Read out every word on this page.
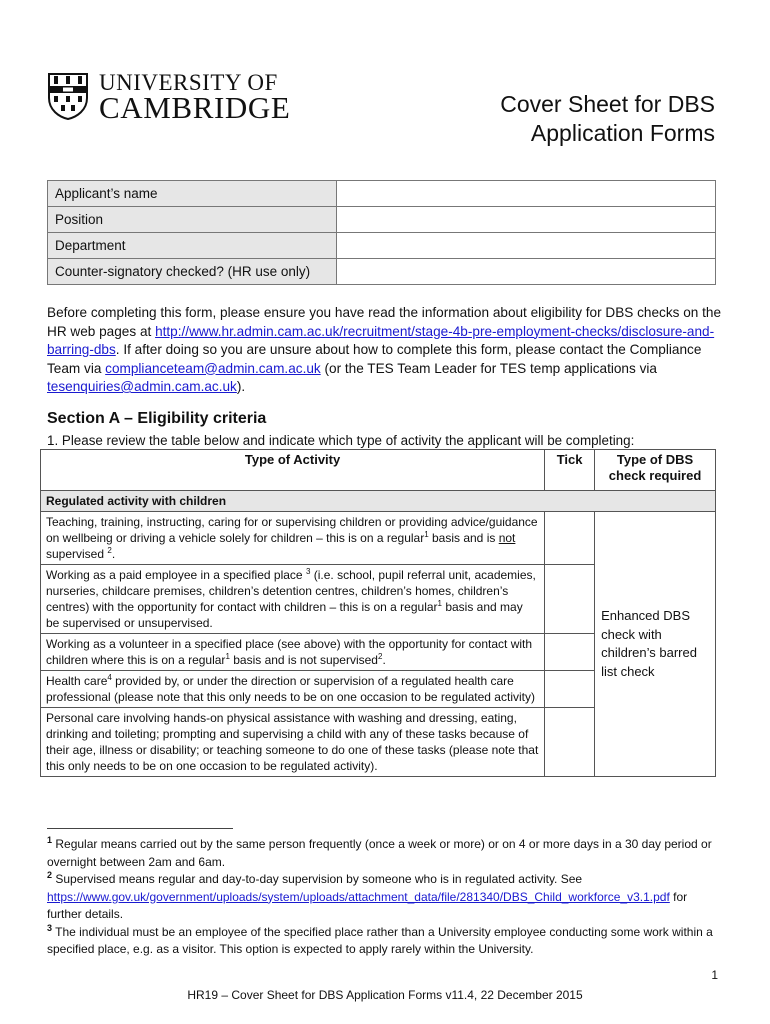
UNIVERSITY OF
CAMBRIDGE	Cover Sheet for DBS
Application Forms
Applicant’s name	
Position	
Department	
Counter-signatory checked? (HR use only)	
Before completing this form, please ensure you have read the information about eligibility for DBS checks on the HR web pages at http://www.hr.admin.cam.ac.uk/recruitment/stage-4b-pre-employment-checks/disclosure-and-barring-dbs. If after doing so you are unsure about how to complete this form, please contact the Compliance Team via complianceteam@admin.cam.ac.uk (or the TES Team Leader for TES temp applications via tesenquiries@admin.cam.ac.uk).
Section A – Eligibility criteria
1. Please review the table below and indicate which type of activity the applicant will be completing:
Type of Activity	Tick	Type of DBS check required
Regulated activity with children		
Teaching, training, instructing, caring for or supervising children or providing advice/guidance on wellbeing or driving a vehicle solely for children – this is on a regular$^1$ basis and is not supervised $^2$.		Enhanced DBS check with children’s barred list check
Working as a paid employee in a specified place $^3$ (i.e. school, pupil referral unit, academies, nurseries, childcare premises, children’s detention centres, children’s homes, children’s centres) with the opportunity for contact with children – this is on a regular$^1$ basis and may be supervised or unsupervised.		
Working as a volunteer in a specified place (see above) with the opportunity for contact with children where this is on a regular$^1$ basis and is not supervised$^2$.		
Health care$^4$ provided by, or under the direction or supervision of a regulated health care professional (please note that this only needs to be on one occasion to be regulated activity)		
Personal care involving hands-on physical assistance with washing and dressing, eating, drinking and toileting; prompting and supervising a child with any of these tasks because of their age, illness or disability; or teaching someone to do one of these tasks (please note that this only needs to be on one occasion to be regulated activity).		

$^1$ Regular means carried out by the same person frequently (once a week or more) or on 4 or more days in a 30 day period or overnight between 2am and 6am.

$^2$ Supervised means regular and day-to-day supervision by someone who is in regulated activity. See https://www.gov.uk/government/uploads/system/uploads/attachment_data/file/281340/DBS_Child_workforce_v3.1.pdf for further details.

$^3$ The individual must be an employee of the specified place rather than a University employee conducting some work within a specified place, e.g. as a visitor. This option is expected to apply rarely within the University.

1
HR19 – Cover Sheet for DBS Application Forms v11.4, 22 December 2015
